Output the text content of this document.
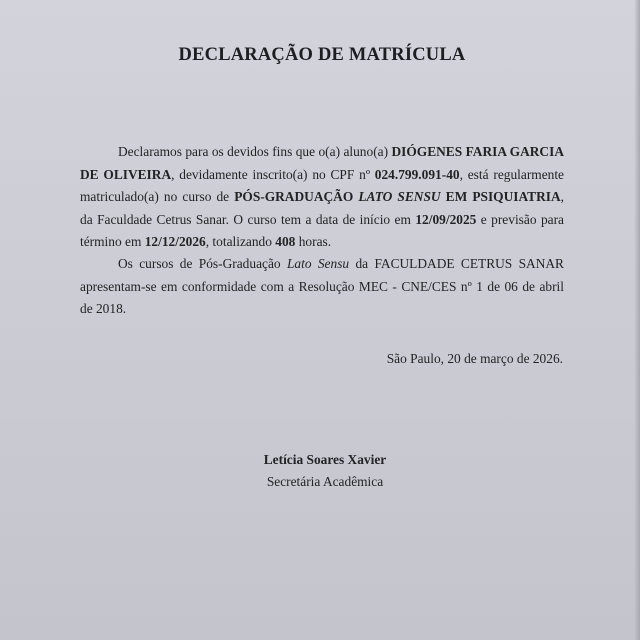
DECLARAÇÃO DE MATRÍCULA

Declaramos para os devidos fins que o(a) aluno(a) DIÓGENES FARIA GARCIA DE OLIVEIRA, devidamente inscrito(a) no CPF nº 024.799.091-40, está regularmente matriculado(a) no curso de PÓS-GRADUAÇÃO LATO SENSU EM PSIQUIATRIA, da Faculdade Cetrus Sanar. O curso tem a data de início em 12/09/2025 e previsão para término em 12/12/2026, totalizando 408 horas.

Os cursos de Pós-Graduação Lato Sensu da FACULDADE CETRUS SANAR apresentam-se em conformidade com a Resolução MEC - CNE/CES nº 1 de 06 de abril de 2018.

São Paulo, 20 de março de 2026.
Letícia Soares Xavier
Secretária Acadêmica
